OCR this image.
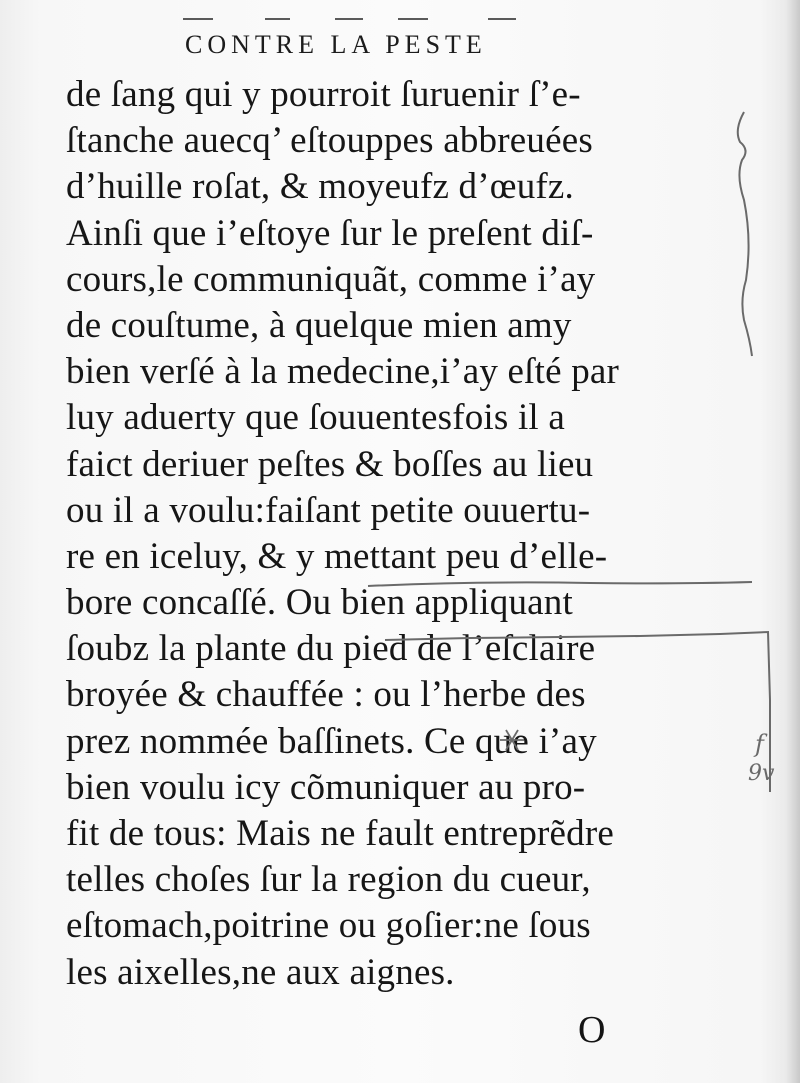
CONTRE LA PESTE
de ſang qui y pourroit ſuruenir ſ’e-
ſtanche auecq’ eſtouppes abbreuées
d’huille roſat, & moyeufz d’œufz.
Ainſi que i’eſtoye ſur le preſent diſ-
cours,le communiquãt, comme i’ay
de couſtume, à quelque mien amy
bien verſé à la medecine,i’ay eſté par
luy aduerty que ſouuentesfois il a
faict deriuer peſtes & boſſes au lieu
ou il a voulu:faiſant petite ouuertu-
re en iceluy, & y mettant peu d’elle-
bore concaſſé. Ou bien appliquant
ſoubz la plante du pied de l’eſclaire
broyée & chauffée : ou l’herbe des
prez nommée baſſinets. Ce que i’ay
bien voulu icy cõmuniquer au pro-
fit de tous: Mais ne fault entreprẽdre
telles choſes ſur la region du cueur,
eſtomach,poitrine ou goſier:ne ſous
les aixelles,ne aux aignes.
O
f
9v
